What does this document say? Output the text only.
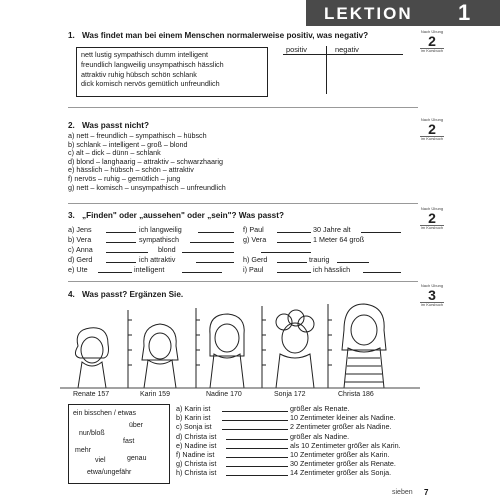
LEKTION 1
1. Was findet man bei einem Menschen normalerweise positiv, was negativ?	Nach Übung
2
im Kursbuch
nett lustig sympathisch dumm intelligent
freundlich langweilig unsympathisch hässlich
attraktiv ruhig hübsch schön schlank
dick komisch nervös gemütlich unfreundlich
positiv	negativ
2. Was passt nicht?
Nach Übung
2
im Kursbuch
a) nett – freundlich – sympathisch – hübsch
b) schlank – intelligent – groß – blond
c) alt – dick – dünn – schlank
d) blond – langhaarig – attraktiv – schwarzhaarig
e) hässlich – hübsch – schön – attraktiv
f) nervös – ruhig – gemütlich – jung
g) nett – komisch – unsympathisch – unfreundlich
3. „Finden" oder „aussehen" oder „sein"? Was passt?
Nach Übung
2
im Kursbuch
a) Jens	ich langweilig
b) Vera	sympathisch
c) Anna	blond
d) Gerd	ich attraktiv
e) Ute	intelligent
f) Paul	30 Jahre alt
g) Vera	1 Meter 64 groß
h) Gerd	traurig
i) Paul	ich hässlich
4. Was passt? Ergänzen Sie.
Nach Übung
3
im Kursbuch
Renate 157	Karin 159	Nadine 170	Sonja 172	Christa 186
ein bisschen / etwas
über
nur/bloß
fast
mehr
viel	genau
etwa/ungefähr
a) Karin ist	größer als Renate.
b) Karin ist	10 Zentimeter kleiner als Nadine.
c) Sonja ist	2 Zentimeter größer als Nadine.
d) Christa ist	größer als Nadine.
e) Nadine ist	als 10 Zentimeter größer als Karin.
f) Nadine ist	10 Zentimeter größer als Karin.
g) Christa ist	30 Zentimeter größer als Renate.
h) Christa ist	14 Zentimeter größer als Sonja.
sieben 7
